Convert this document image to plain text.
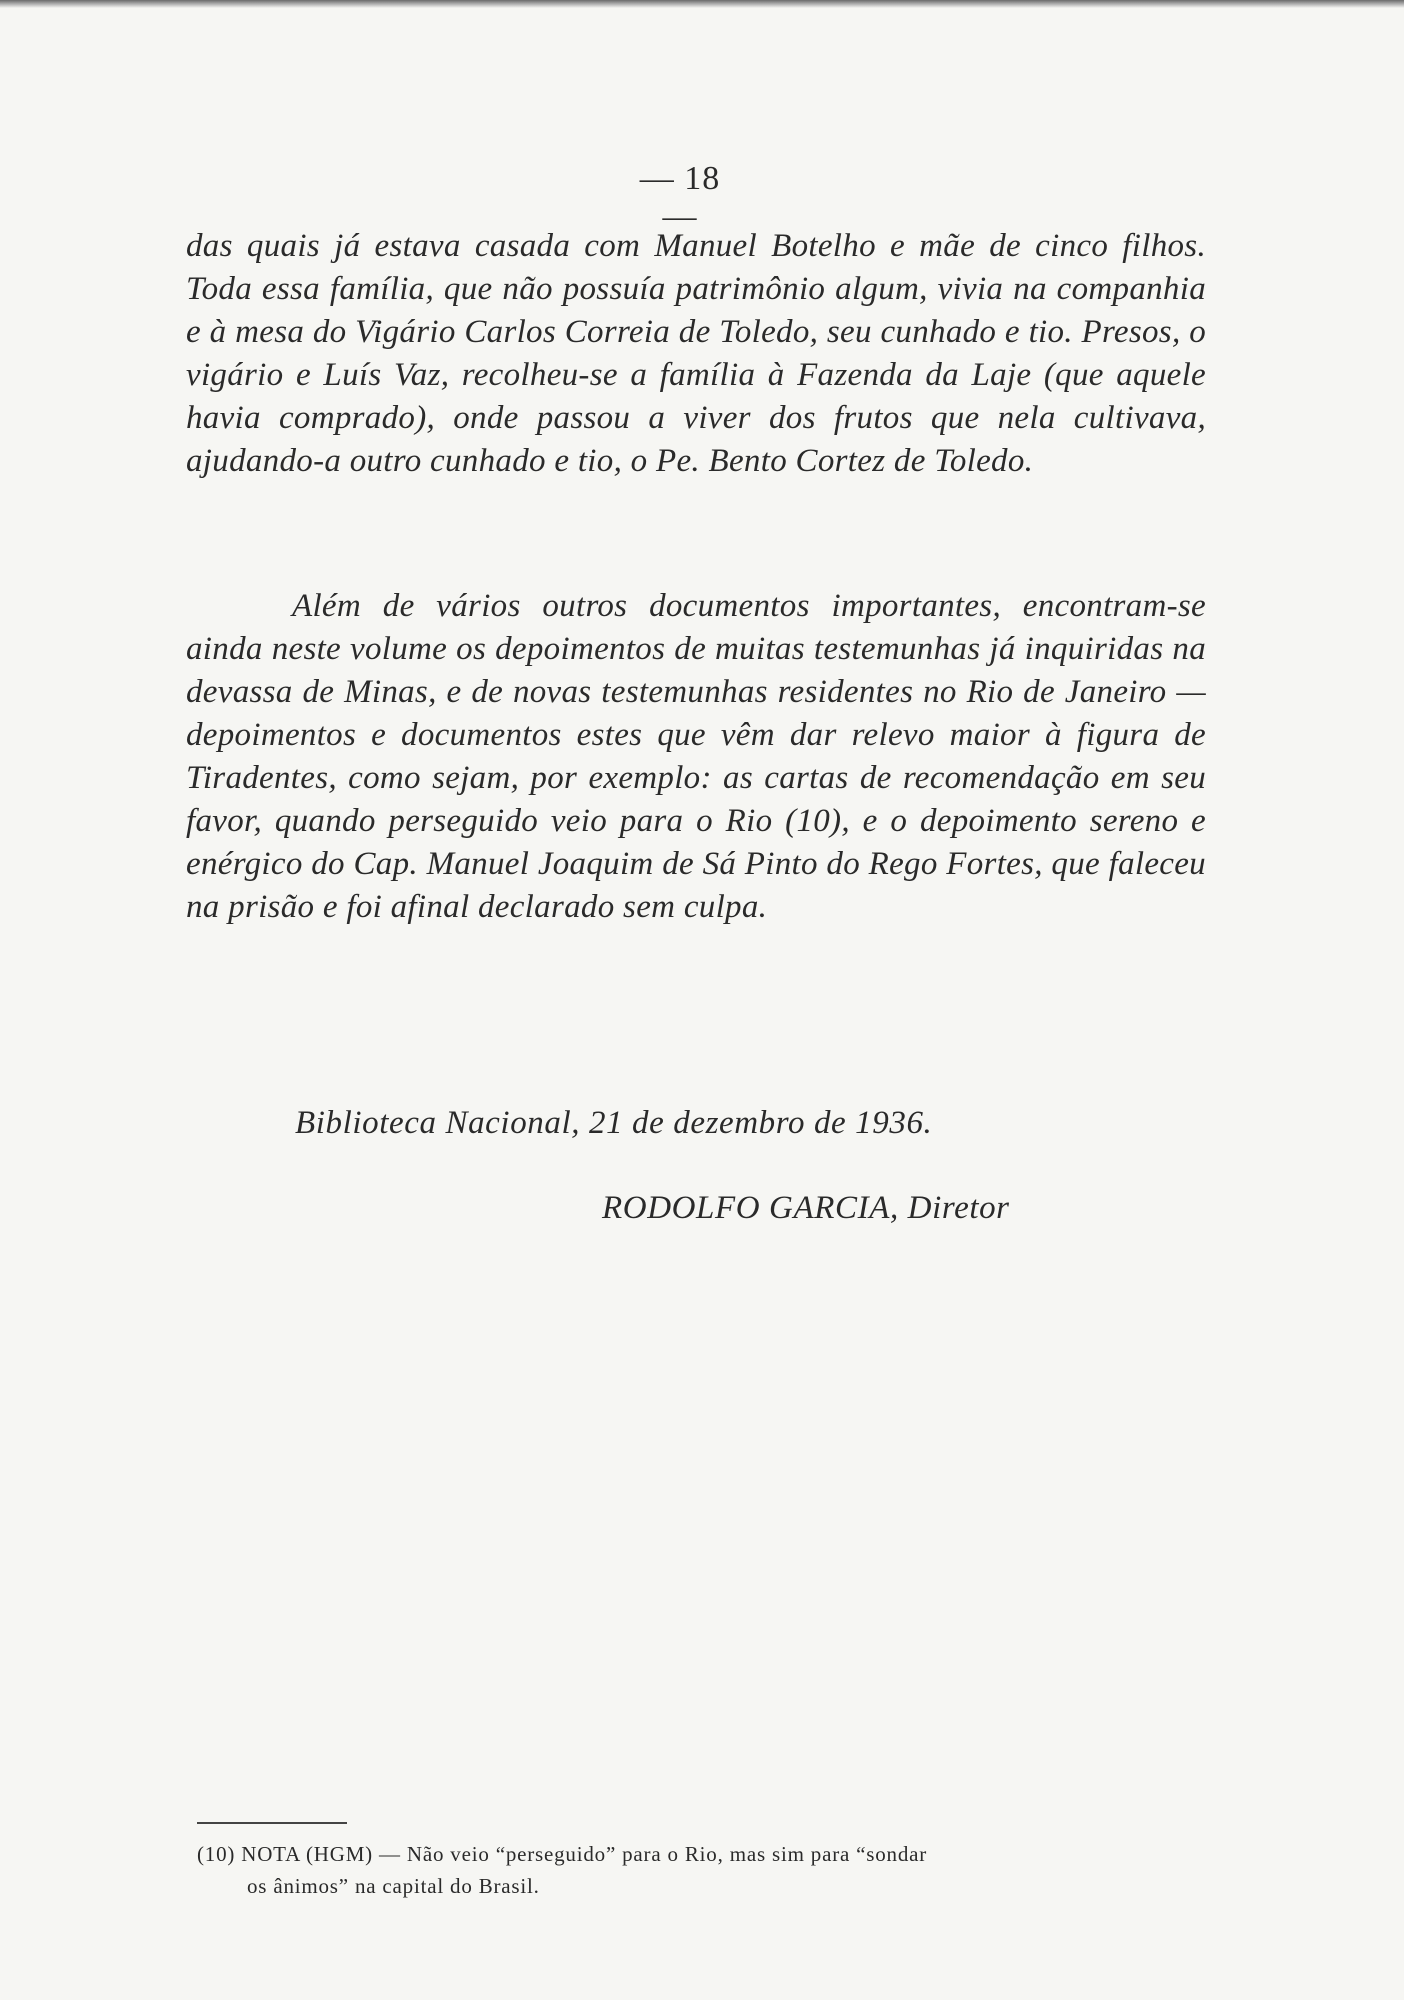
— 18 —

das quais já estava casada com Manuel Botelho e mãe de cinco filhos. Toda essa família, que não possuía patrimônio algum, vivia na companhia e à mesa do Vigário Carlos Correia de Toledo, seu cunhado e tio. Presos, o vigário e Luís Vaz, recolheu-se a família à Fazenda da Laje (que aquele havia comprado), onde passou a viver dos frutos que nela cultivava, ajudando-a outro cunhado e tio, o Pe. Bento Cortez de Toledo.

Além de vários outros documentos importantes, encontram-se ainda neste volume os depoimentos de muitas testemunhas já inquiridas na devassa de Minas, e de novas testemunhas residentes no Rio de Janeiro — depoimentos e documentos estes que vêm dar relevo maior à figura de Tiradentes, como sejam, por exemplo: as cartas de recomendação em seu favor, quando perseguido veio para o Rio (10), e o depoimento sereno e enérgico do Cap. Manuel Joaquim de Sá Pinto do Rego Fortes, que faleceu na prisão e foi afinal declarado sem culpa.

Biblioteca Nacional, 21 de dezembro de 1936.
RODOLFO GARCIA, Diretor

(10) NOTA (HGM) — Não veio “perseguido” para o Rio, mas sim para “sondar
os ânimos” na capital do Brasil.
